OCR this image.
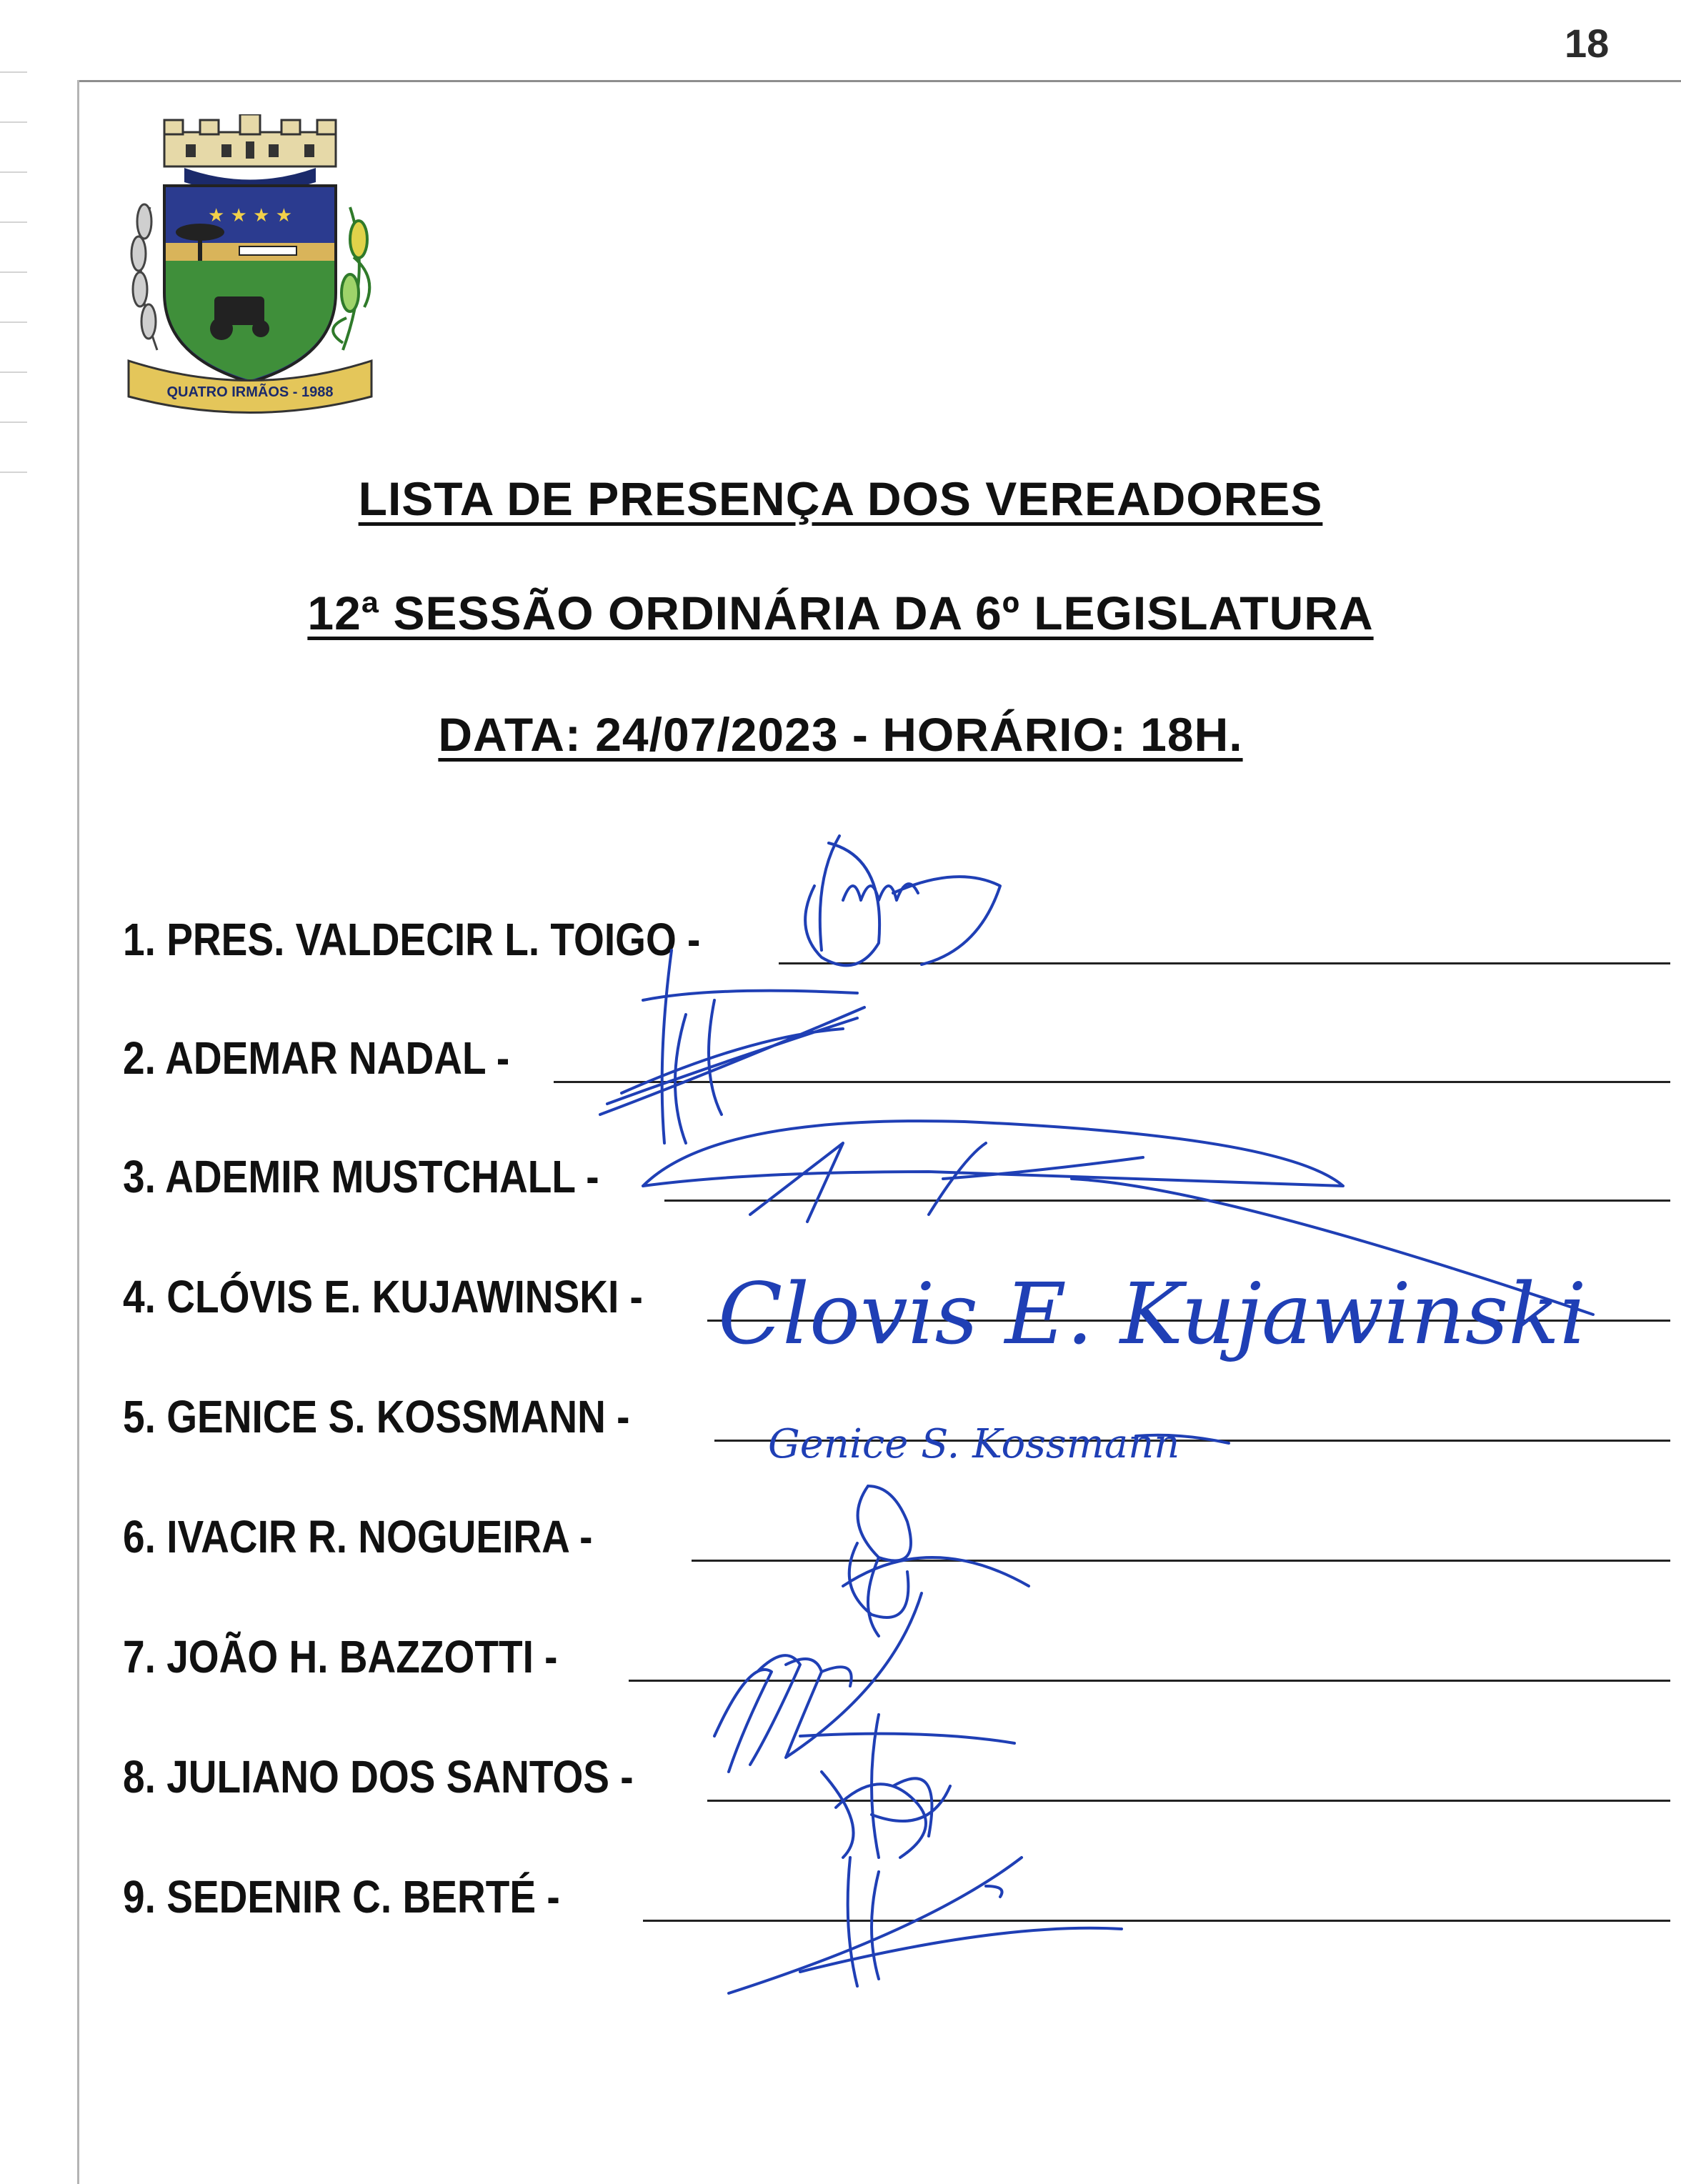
18
★ ★ ★ ★
QUATRO IRMÃOS - 1988
LISTA DE PRESENÇA DOS VEREADORES
12ª SESSÃO ORDINÁRIA DA 6º LEGISLATURA
DATA: 24/07/2023 - HORÁRIO: 18H.
1. PRES. VALDECIR L. TOIGO -
2. ADEMAR NADAL -
3. ADEMIR MUSTCHALL -
4. CLÓVIS E. KUJAWINSKI -
5. GENICE S. KOSSMANN -
6. IVACIR R. NOGUEIRA -
7. JOÃO H. BAZZOTTI -
8. JULIANO DOS SANTOS -
9. SEDENIR C. BERTÉ -
Clovis E. Kujawinski
Genice S. Kossmann
